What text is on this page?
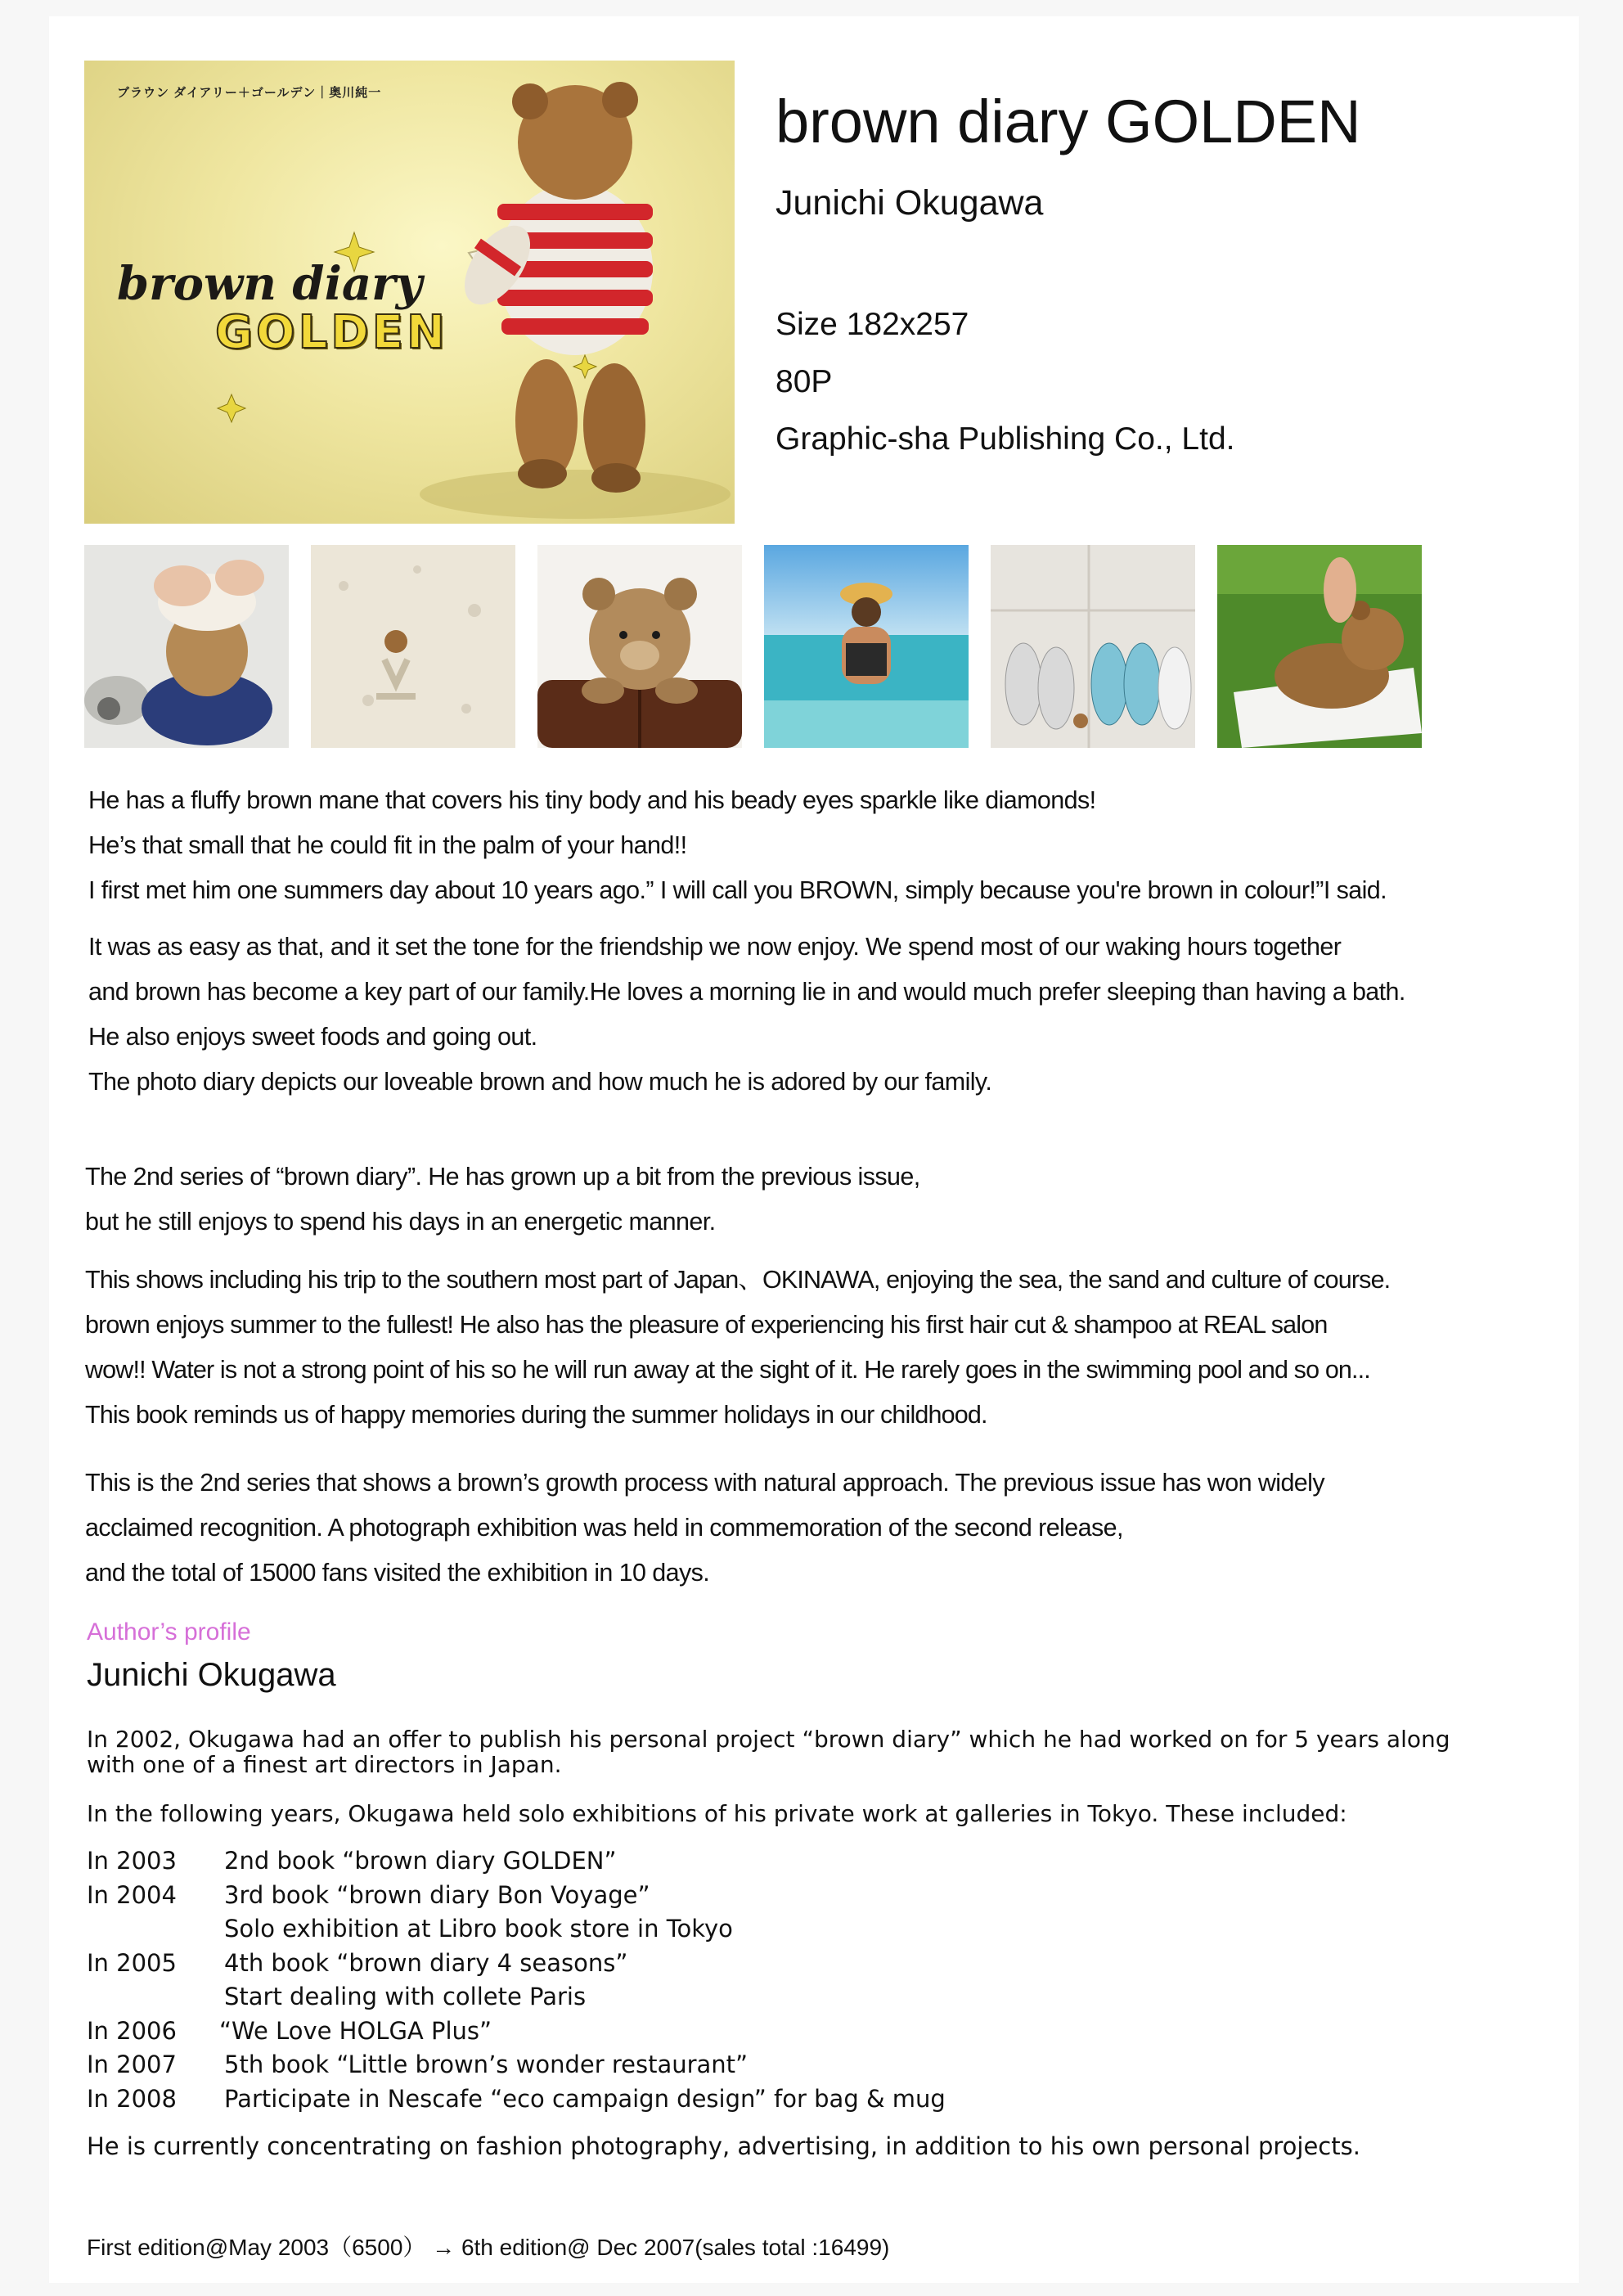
ブラウン ダイアリー＋ゴールデン｜奥川純一
brown diary
GOLDEN
brown diary GOLDEN
Junichi Okugawa
Size 182x257
80P
Graphic-sha Publishing Co., Ltd.

He has a fluffy brown mane that covers his tiny body and his beady eyes sparkle like diamonds!

He’s that small that he could fit in the palm of your hand!!

I first met him one summers day about 10 years ago.” I will call you BROWN, simply because you're brown in colour!”I said.

It was as easy as that, and it set the tone for the friendship we now enjoy. We spend most of our waking hours together

and brown has become a key part of our family.He loves a morning lie in and would much prefer sleeping than having a bath.

He also enjoys sweet foods and going out.

The photo diary depicts our loveable brown and how much he is adored by our family.

The 2nd series of “brown diary”. He has grown up a bit from the previous issue,

but he still enjoys to spend his days in an energetic manner.

This shows including his trip to the southern most part of Japan、OKINAWA, enjoying the sea, the sand and culture of course.

brown enjoys summer to the fullest! He also has the pleasure of experiencing his first hair cut & shampoo at REAL salon

wow!! Water is not a strong point of his so he will run away at the sight of it. He rarely goes in the swimming pool and so on...

This book reminds us of happy memories during the summer holidays in our childhood.

This is the 2nd series that shows a brown’s growth process with natural approach. The previous issue has won widely

acclaimed recognition. A photograph exhibition was held in commemoration of the second release,

and the total of 15000 fans visited the exhibition in 10 days.

Author’s profile
Junichi Okugawa
In 2002, Okugawa had an offer to publish his personal project “brown diary” which he had worked on for 5 years along
with one of a finest art directors in Japan.
In the following years, Okugawa held solo exhibitions of his private work at galleries in Tokyo. These included:
In 2003 2nd book “brown diary GOLDEN”
In 2004 3rd book “brown diary Bon Voyage”
Solo exhibition at Libro book store in Tokyo
In 2005 4th book “brown diary 4 seasons”
Start dealing with collete Paris
In 2006 “We Love HOLGA Plus”
In 2007 5th book “Little brown’s wonder restaurant”
In 2008 Participate in Nescafe “eco campaign design” for bag & mug
He is currently concentrating on fashion photography, advertising, in addition to his own personal projects.
First edition@May 2003（6500） → 6th edition@ Dec 2007(sales total :16499)
